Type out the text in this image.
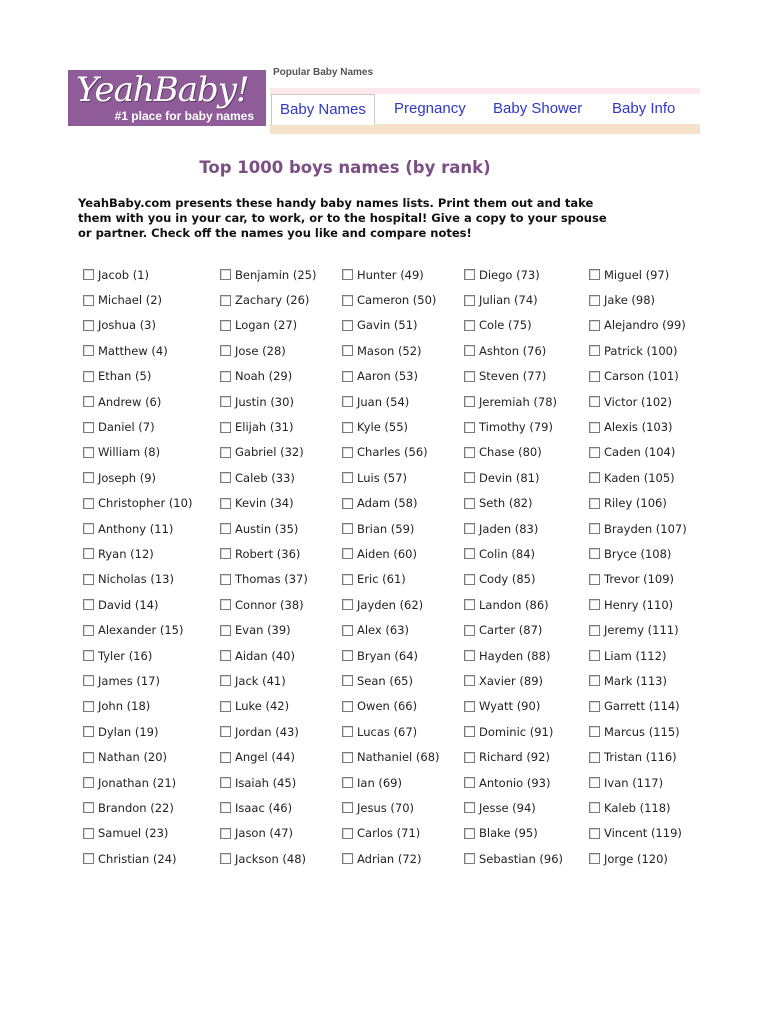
YeahBaby!
#1 place for baby names
Popular Baby Names
Baby Names	Pregnancy Baby Shower Baby Info
Top 1000 boys names (by rank)
YeahBaby.com presents these handy baby names lists. Print them out and take them with you in your car, to work, or to the hospital! Give a copy to your spouse or partner. Check off the names you like and compare notes!
Jacob (1)
Michael (2)
Joshua (3)
Matthew (4)
Ethan (5)
Andrew (6)
Daniel (7)
William (8)
Joseph (9)
Christopher (10)
Anthony (11)
Ryan (12)
Nicholas (13)
David (14)
Alexander (15)
Tyler (16)
James (17)
John (18)
Dylan (19)
Nathan (20)
Jonathan (21)
Brandon (22)
Samuel (23)
Christian (24)
Benjamin (25)
Zachary (26)
Logan (27)
Jose (28)
Noah (29)
Justin (30)
Elijah (31)
Gabriel (32)
Caleb (33)
Kevin (34)
Austin (35)
Robert (36)
Thomas (37)
Connor (38)
Evan (39)
Aidan (40)
Jack (41)
Luke (42)
Jordan (43)
Angel (44)
Isaiah (45)
Isaac (46)
Jason (47)
Jackson (48)
Hunter (49)
Cameron (50)
Gavin (51)
Mason (52)
Aaron (53)
Juan (54)
Kyle (55)
Charles (56)
Luis (57)
Adam (58)
Brian (59)
Aiden (60)
Eric (61)
Jayden (62)
Alex (63)
Bryan (64)
Sean (65)
Owen (66)
Lucas (67)
Nathaniel (68)
Ian (69)
Jesus (70)
Carlos (71)
Adrian (72)
Diego (73)
Julian (74)
Cole (75)
Ashton (76)
Steven (77)
Jeremiah (78)
Timothy (79)
Chase (80)
Devin (81)
Seth (82)
Jaden (83)
Colin (84)
Cody (85)
Landon (86)
Carter (87)
Hayden (88)
Xavier (89)
Wyatt (90)
Dominic (91)
Richard (92)
Antonio (93)
Jesse (94)
Blake (95)
Sebastian (96)
Miguel (97)
Jake (98)
Alejandro (99)
Patrick (100)
Carson (101)
Victor (102)
Alexis (103)
Caden (104)
Kaden (105)
Riley (106)
Brayden (107)
Bryce (108)
Trevor (109)
Henry (110)
Jeremy (111)
Liam (112)
Mark (113)
Garrett (114)
Marcus (115)
Tristan (116)
Ivan (117)
Kaleb (118)
Vincent (119)
Jorge (120)
